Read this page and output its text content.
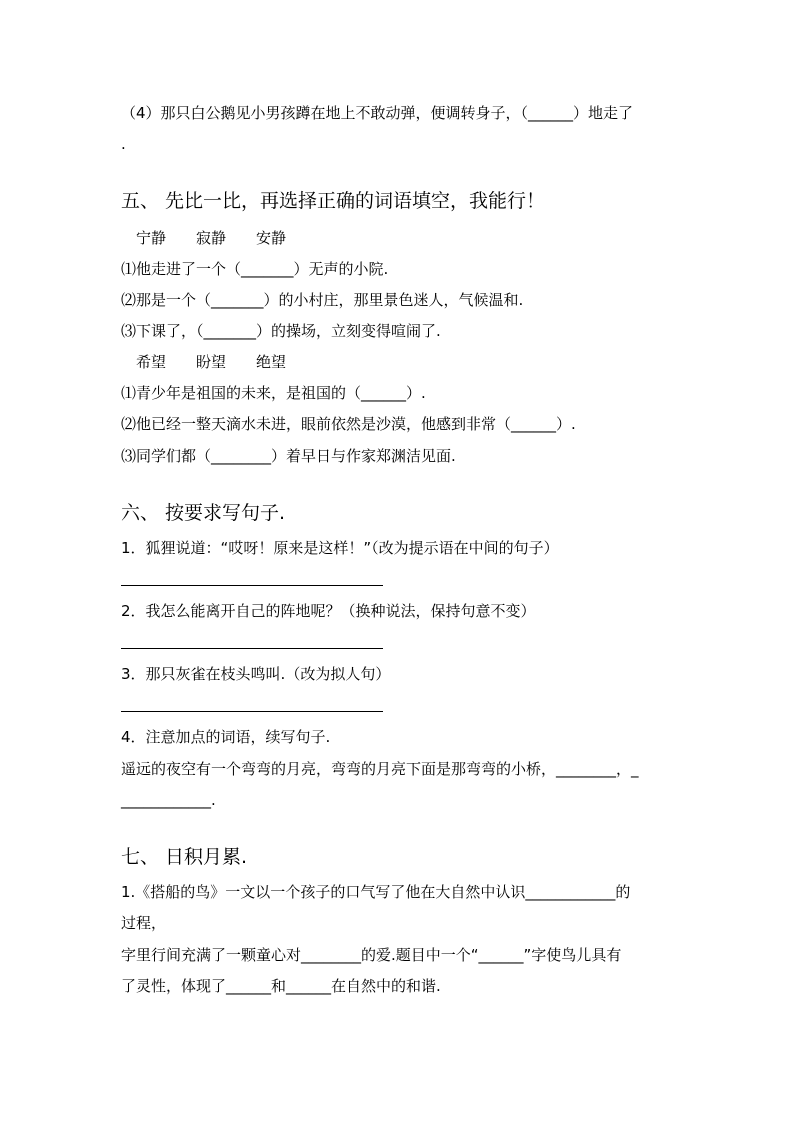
（4）那只白公鹅见小男孩蹲在地上不敢动弹，便调转身子，（______）地走了
.
五、 先比一比，再选择正确的词语填空，我能行！
宁静　　寂静　　安静
⑴他走进了一个（_______）无声的小院.
⑵那是一个（_______）的小村庄，那里景色迷人，气候温和.
⑶下课了，（_______）的操场，立刻变得喧闹了.
希望　　盼望　　绝望
⑴青少年是祖国的未来，是祖国的（______）.
⑵他已经一整天滴水未进，眼前依然是沙漠，他感到非常（______）.
⑶同学们都（________）着早日与作家郑渊洁见面.
六、 按要求写句子.
1．狐狸说道：“哎呀！原来是这样！”（改为提示语在中间的句子）
2．我怎么能离开自己的阵地呢？（换种说法，保持句意不变）
3．那只灰雀在枝头鸣叫.（改为拟人句）
4．注意加点的词语，续写句子.
遥远的夜空有一个弯弯的月亮，弯弯的月亮下面是那弯弯的小桥，________，_
____________.
七、 日积月累.
1.《搭船的鸟》一文以一个孩子的口气写了他在大自然中认识____________的
过程，
字里行间充满了一颗童心对________的爱.题目中一个“______”字使鸟儿具有
了灵性，体现了______和______在自然中的和谐.
